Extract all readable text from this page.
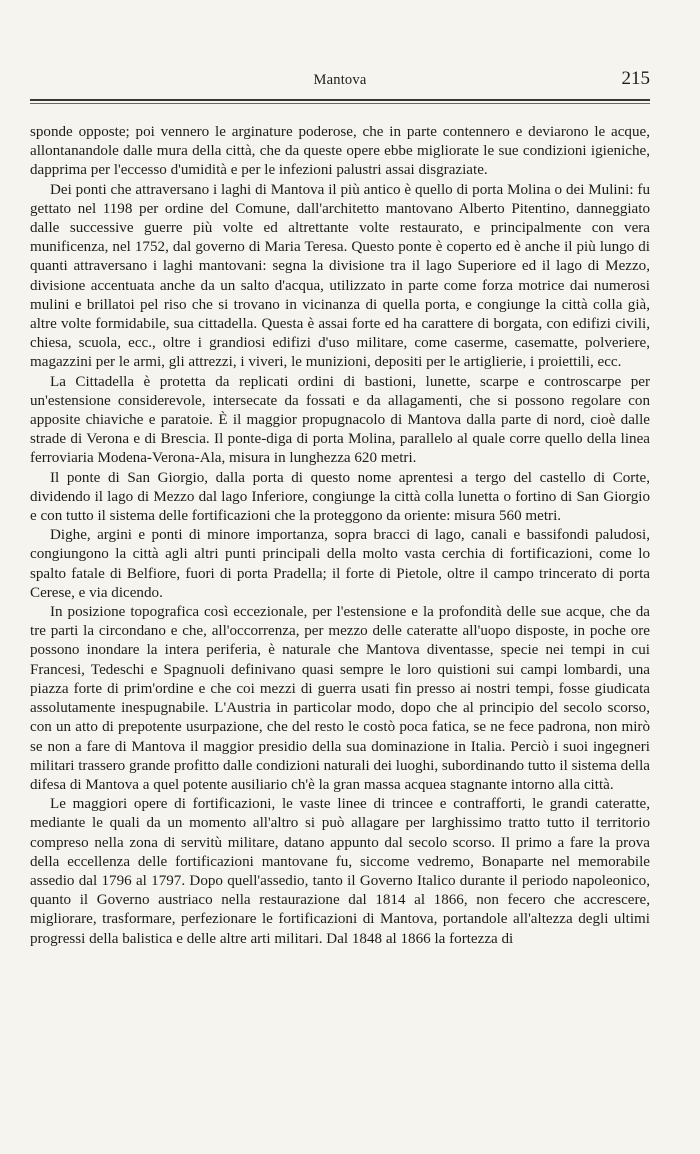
Mantova	215

sponde opposte; poi vennero le arginature poderose, che in parte contennero e deviarono le acque, allontanandole dalle mura della città, che da queste opere ebbe migliorate le sue condizioni igieniche, dapprima per l'eccesso d'umidità e per le infezioni palustri assai disgraziate.

Dei ponti che attraversano i laghi di Mantova il più antico è quello di porta Molina o dei Mulini: fu gettato nel 1198 per ordine del Comune, dall'architetto mantovano Alberto Pitentino, danneggiato dalle successive guerre più volte ed altrettante volte restaurato, e principalmente con vera munificenza, nel 1752, dal governo di Maria Teresa. Questo ponte è coperto ed è anche il più lungo di quanti attraversano i laghi mantovani: segna la divisione tra il lago Superiore ed il lago di Mezzo, divisione accentuata anche da un salto d'acqua, utilizzato in parte come forza motrice dai numerosi mulini e brillatoi pel riso che si trovano in vicinanza di quella porta, e congiunge la città colla già, altre volte formidabile, sua cittadella. Questa è assai forte ed ha carattere di borgata, con edifizi civili, chiesa, scuola, ecc., oltre i grandiosi edifizi d'uso militare, come caserme, casematte, polveriere, magazzini per le armi, gli attrezzi, i viveri, le munizioni, depositi per le artiglierie, i proiettili, ecc.

La Cittadella è protetta da replicati ordini di bastioni, lunette, scarpe e controscarpe per un'estensione considerevole, intersecate da fossati e da allagamenti, che si possono regolare con apposite chiaviche e paratoie. È il maggior propugnacolo di Mantova dalla parte di nord, cioè dalle strade di Verona e di Brescia. Il ponte-diga di porta Molina, parallelo al quale corre quello della linea ferroviaria Modena-Verona-Ala, misura in lunghezza 620 metri.

Il ponte di San Giorgio, dalla porta di questo nome aprentesi a tergo del castello di Corte, dividendo il lago di Mezzo dal lago Inferiore, congiunge la città colla lunetta o fortino di San Giorgio e con tutto il sistema delle fortificazioni che la proteggono da oriente: misura 560 metri.

Dighe, argini e ponti di minore importanza, sopra bracci di lago, canali e bassifondi paludosi, congiungono la città agli altri punti principali della molto vasta cerchia di fortificazioni, come lo spalto fatale di Belfiore, fuori di porta Pradella; il forte di Pietole, oltre il campo trincerato di porta Cerese, e via dicendo.

In posizione topografica così eccezionale, per l'estensione e la profondità delle sue acque, che da tre parti la circondano e che, all'occorrenza, per mezzo delle cateratte all'uopo disposte, in poche ore possono inondare la intera periferia, è naturale che Mantova diventasse, specie nei tempi in cui Francesi, Tedeschi e Spagnuoli definivano quasi sempre le loro quistioni sui campi lombardi, una piazza forte di prim'ordine e che coi mezzi di guerra usati fin presso ai nostri tempi, fosse giudicata assolutamente inespugnabile. L'Austria in particolar modo, dopo che al principio del secolo scorso, con un atto di prepotente usurpazione, che del resto le costò poca fatica, se ne fece padrona, non mirò se non a fare di Mantova il maggior presidio della sua dominazione in Italia. Perciò i suoi ingegneri militari trassero grande profitto dalle condizioni naturali dei luoghi, subordinando tutto il sistema della difesa di Mantova a quel potente ausiliario ch'è la gran massa acquea stagnante intorno alla città.

Le maggiori opere di fortificazioni, le vaste linee di trincee e contrafforti, le grandi cateratte, mediante le quali da un momento all'altro si può allagare per larghissimo tratto tutto il territorio compreso nella zona di servitù militare, datano appunto dal secolo scorso. Il primo a fare la prova della eccellenza delle fortificazioni mantovane fu, siccome vedremo, Bonaparte nel memorabile assedio dal 1796 al 1797. Dopo quell'assedio, tanto il Governo Italico durante il periodo napoleonico, quanto il Governo austriaco nella restaurazione dal 1814 al 1866, non fecero che accrescere, migliorare, trasformare, perfezionare le fortificazioni di Mantova, portandole all'altezza degli ultimi progressi della balistica e delle altre arti militari. Dal 1848 al 1866 la fortezza di
